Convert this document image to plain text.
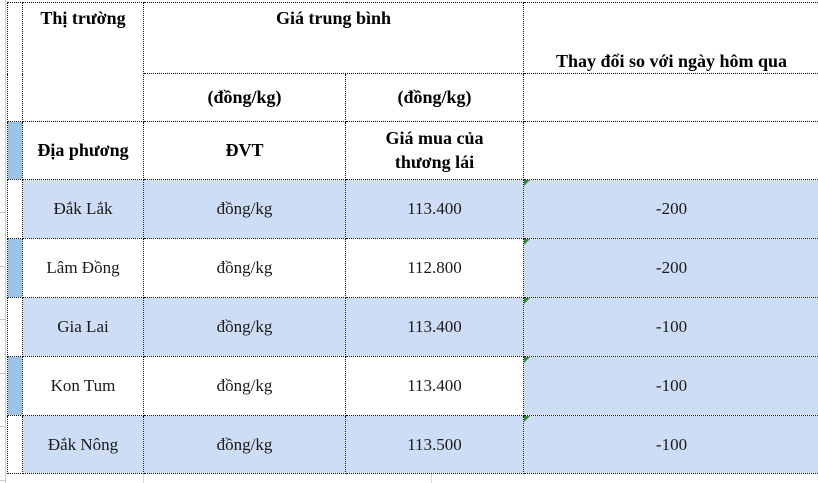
	Thị trường	Giá trung bình		Thay đổi so với ngày hôm qua
		(đồng/kg)	(đồng/kg)	
	Địa phương	ĐVT	Giá mua của thương lái	
	Đắk Lắk	đồng/kg	113.400	-200
	Lâm Đồng	đồng/kg	112.800	-200
	Gia Lai	đồng/kg	113.400	-100
	Kon Tum	đồng/kg	113.400	-100
	Đắk Nông	đồng/kg	113.500	-100
